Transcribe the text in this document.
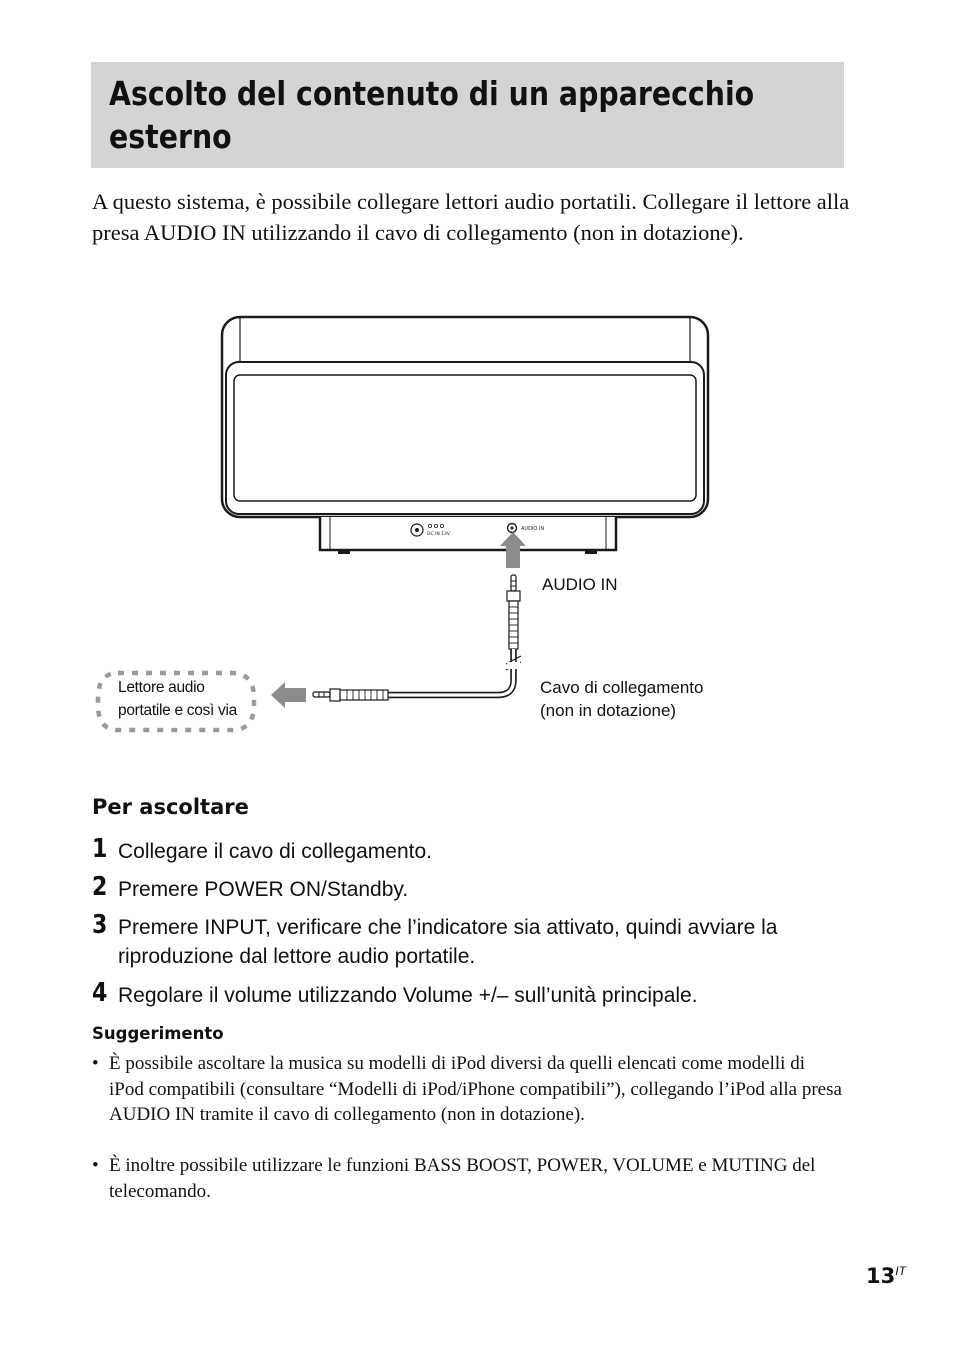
Ascolto del contenuto di un apparecchio
esterno

A questo sistema, è possibile collegare lettori audio portatili. Collegare il lettore alla presa AUDIO IN utilizzando il cavo di collegamento (non in dotazione).

DC IN 13V
AUDIO IN
AUDIO IN
Lettore audio
portatile e così via
Cavo di collegamento
(non in dotazione)
Per ascoltare
1 Collegare il cavo di collegamento.
2 Premere POWER ON/Standby.
3 Premere INPUT, verificare che l’indicatore sia attivato, quindi avviare la riproduzione dal lettore audio portatile.
4 Regolare il volume utilizzando Volume +/– sull’unità principale.
Suggerimento
• È possibile ascoltare la musica su modelli di iPod diversi da quelli elencati come modelli di iPod compatibili (consultare “Modelli di iPod/iPhone compatibili”), collegando l’iPod alla presa AUDIO IN tramite il cavo di collegamento (non in dotazione).
• È inoltre possibile utilizzare le funzioni BASS BOOST, POWER, VOLUME e MUTING del telecomando.
$13^{IT}$
